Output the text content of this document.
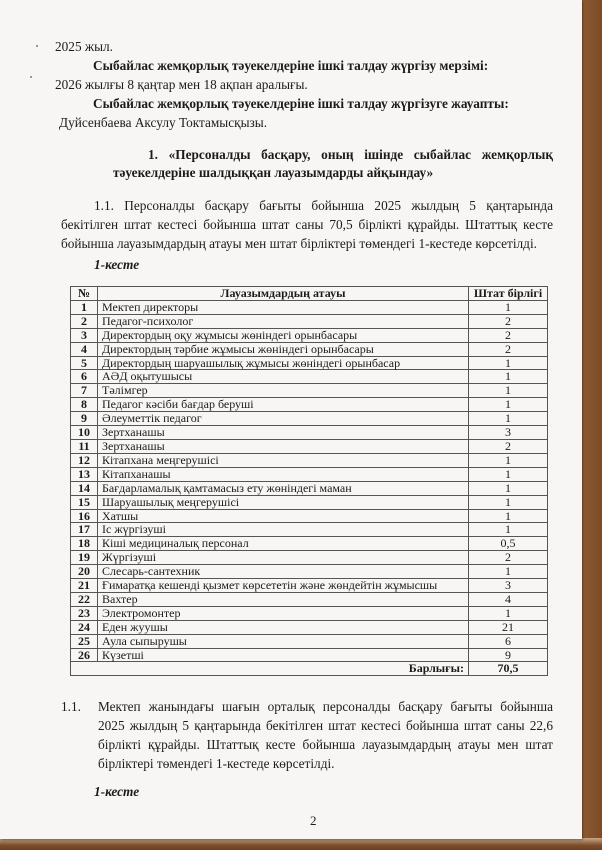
2025 жыл.
Сыбайлас жемқорлық тәуекелдеріне ішкі талдау жүргізу мерзімі:
2026 жылғы 8 қаңтар мен 18 ақпан аралығы.
Сыбайлас жемқорлық тәуекелдеріне ішкі талдау жүргізуге жауапты:
Дуйсенбаева Аксулу Токтамысқызы.
1. «Персоналды басқару, оның ішінде сыбайлас жемқорлық
тәуекелдеріне шалдыққан лауазымдарды айқындау»
1.1. Персоналды басқару бағыты бойынша 2025 жылдың 5 қаңтарында
бекітілген штат кестесі бойынша штат саны 70,5 бірлікті құрайды. Штаттық кесте
бойынша лауазымдардың атауы мен штат бірліктері төмендегі 1-кестеде көрсетілді.
1-кесте
№	Лауазымдардың атауы	Штат бірлігі
1	Мектеп директоры	1
2	Педагог-психолог	2
3	Директордың оқу жұмысы жөніндегі орынбасары	2
4	Директордың тәрбие жұмысы жөніндегі орынбасары	2
5	Директордың шаруашылық жұмысы жөніндегі орынбасар	1
6	АӘД оқытушысы	1
7	Тәлімгер	1
8	Педагог кәсіби бағдар беруші	1
9	Әлеуметтік педагог	1
10	Зертханашы	3
11	Зертханашы	2
12	Кітапхана меңгерушісі	1
13	Кітапханашы	1
14	Бағдарламалық қамтамасыз ету жөніндегі маман	1
15	Шаруашылық меңгерушісі	1
16	Хатшы	1
17	Іс жүргізуші	1
18	Кіші медициналық персонал	0,5
19	Жүргізуші	2
20	Слесарь-сантехник	1
21	Ғимаратқа кешенді қызмет көрсететін және жөндейтін жұмысшы	3
22	Вахтер	4
23	Электромонтер	1
24	Еден жуушы	21
25	Аула сыпырушы	6
26	Күзетші	9
	Барлығы:	70,5
1.1. Мектеп жанындағы шағын орталық персоналды басқару бағыты бойынша
2025 жылдың 5 қаңтарында бекітілген штат кестесі бойынша штат саны 22,6
бірлікті құрайды. Штаттық кесте бойынша лауазымдардың атауы мен штат
бірліктері төмендегі 1-кестеде көрсетілді.
1-кесте
2
